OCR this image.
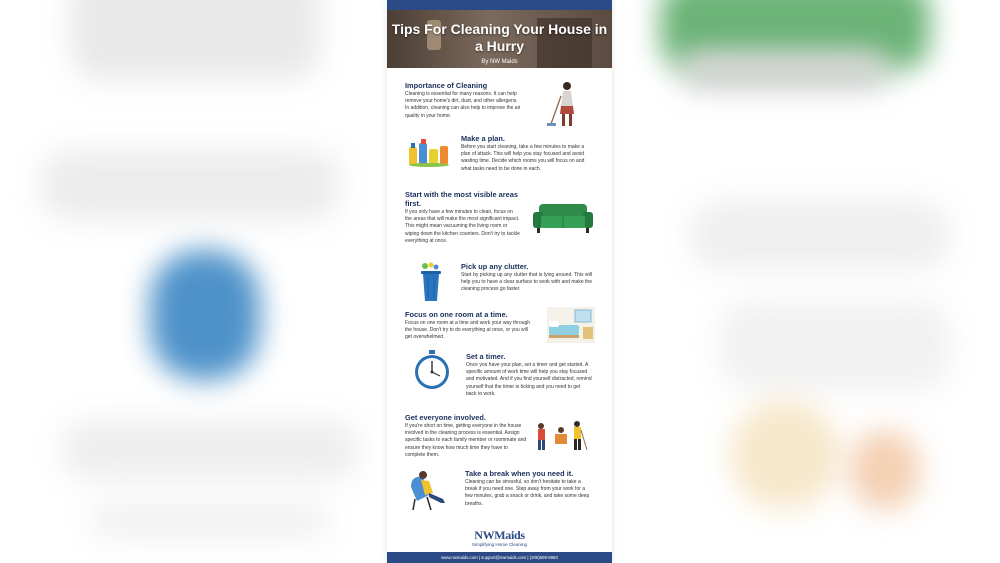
Tips For Cleaning Your House in a Hurry
By NW Maids
Importance of Cleaning

Cleaning is essential for many reasons. It can help remove your home's dirt, dust, and other allergens. In addition, cleaning can also help to improve the air quality in your home.

Make a plan.

Before you start cleaning, take a few minutes to make a plan of attack. This will help you stay focused and avoid wasting time. Decide which rooms you will focus on and what tasks need to be done in each.

Start with the most visible areas first.

If you only have a few minutes to clean, focus on the areas that will make the most significant impact. This might mean vacuuming the living room or wiping down the kitchen counters. Don't try to tackle everything at once.

Pick up any clutter.

Start by picking up any clutter that is lying around. This will help you to have a clear surface to work with and make the cleaning process go faster.

Focus on one room at a time.

Focus on one room at a time and work your way through the house. Don't try to do everything at once, or you will get overwhelmed.

Set a timer.

Once you have your plan, set a timer and get started. A specific amount of work time will help you stay focused and motivated. And if you find yourself distracted, remind yourself that the timer is ticking and you need to get back to work.

Get everyone involved.

If you're short on time, getting everyone in the house involved in the cleaning process is essential. Assign specific tasks to each family member or roommate and ensure they know how much time they have to complete them.

Take a break when you need it.

Cleaning can be stressful, so don't hesitate to take a break if you need one. Step away from your work for a few minutes, grab a snack or drink, and take some deep breaths.

NWMaids
Simplifying Home Cleaning
www.nwmaids.com | support@nwmaids.com | (206)508-5950
